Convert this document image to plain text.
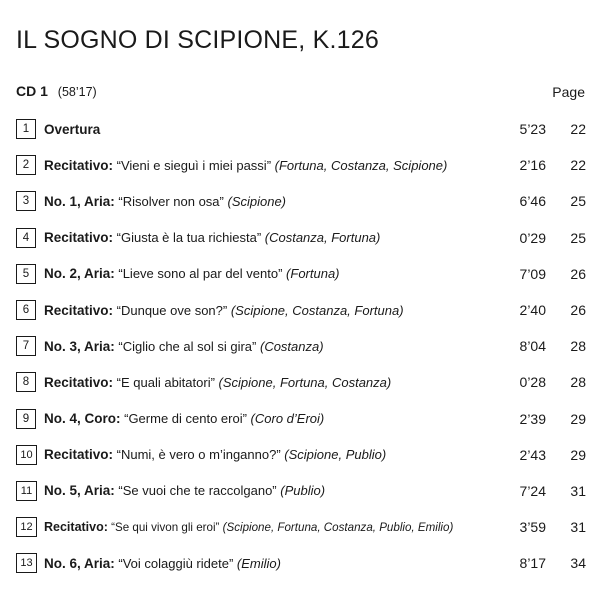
IL SOGNO DI SCIPIONE, K.126
CD 1 (58’17)	Page
1	Overtura	5’23	22
2	Recitativo: “Vieni e sieguì i miei passi” (Fortuna, Costanza, Scipione)	2’16	22
3	No. 1, Aria: “Risolver non osa” (Scipione)	6’46	25
4	Recitativo: “Giusta è la tua richiesta” (Costanza, Fortuna)	0’29	25
5	No. 2, Aria: “Lieve sono al par del vento” (Fortuna)	7’09	26
6	Recitativo: “Dunque ove son?” (Scipione, Costanza, Fortuna)	2’40	26
7	No. 3, Aria: “Ciglio che al sol si gira” (Costanza)	8’04	28
8	Recitativo: “E quali abitatori” (Scipione, Fortuna, Costanza)	0’28	28
9	No. 4, Coro: “Germe di cento eroi” (Coro d’Eroi)	2’39	29
10 Recitativo: “Numi, è vero o m’inganno?” (Scipione, Publio)	2’43	29
11 No. 5, Aria: “Se vuoi che te raccolgano” (Publio)	7’24	31
12 Recitativo: “Se qui vivon gli eroi” (Scipione, Fortuna, Costanza, Publio, Emilio)	3’59	31
13 No. 6, Aria: “Voi colaggiù ridete” (Emilio)	8’17	34
